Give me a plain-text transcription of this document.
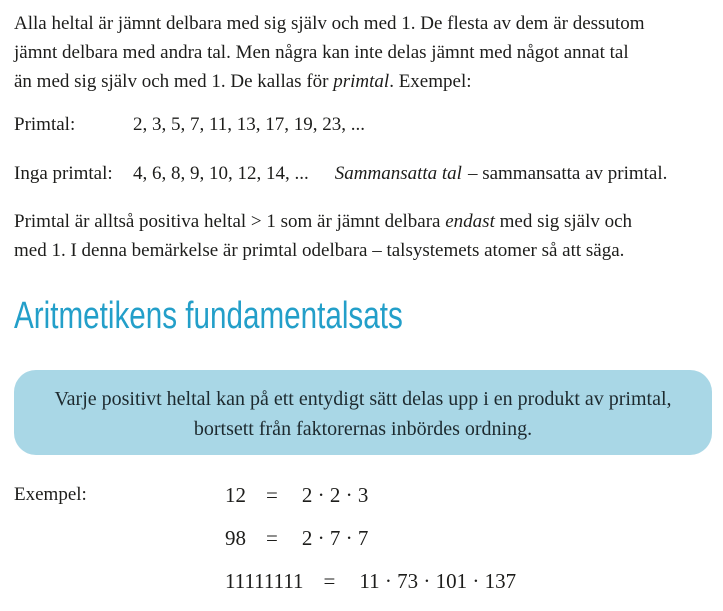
Alla heltal är jämnt delbara med sig själv och med 1. De flesta av dem är dessutom
jämnt delbara med andra tal. Men några kan inte delas jämnt med något annat tal
än med sig själv och med 1. De kallas för primtal. Exempel:
Primtal:	2, 3, 5, 7, 11, 13, 17, 19, 23, ...
Inga primtal:	4, 6, 8, 9, 10, 12, 14, ... Sammansatta tal – sammansatta av primtal.
Primtal är alltså positiva heltal > 1 som är jämnt delbara endast med sig själv och
med 1. I denna bemärkelse är primtal odelbara – talsystemets atomer så att säga.
Aritmetikens fundamentalsats
Varje positivt heltal kan på ett entydigt sätt delas upp i en produkt av primtal,
bortsett från faktorernas inbördes ordning.
Exempel:	12 = 2 · 2 · 3
98 = 2 · 7 · 7
11111111 = 11 · 73 · 101 · 137
